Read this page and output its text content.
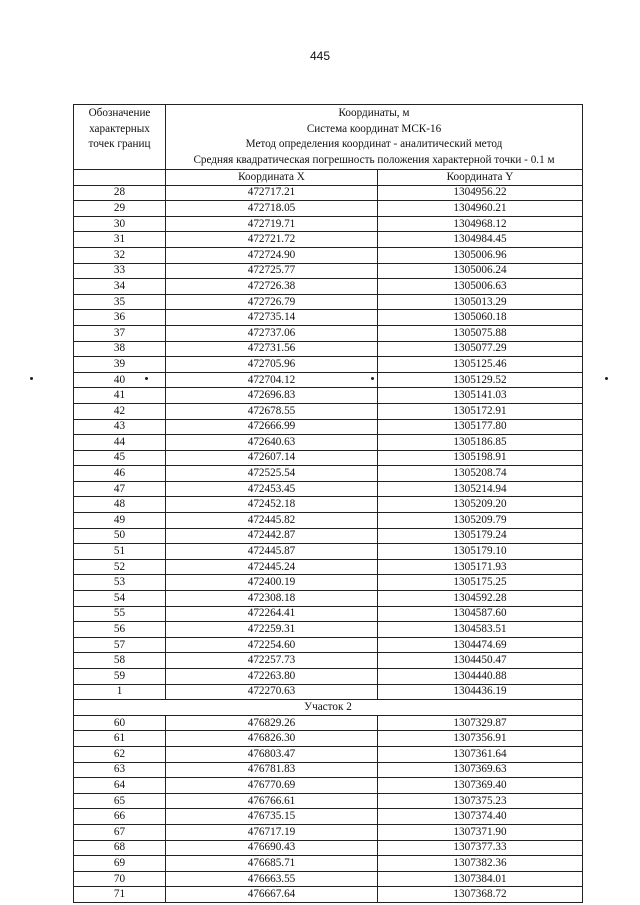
445
Обозначение
характерных
точек границ	Координаты, м
Система координат МСК-16
Метод определения координат - аналитический метод
Средняя квадратическая погрешность положения характерной точки - 0.1 м	

	Координата X	Координата Y
28	472717.21	1304956.22
29	472718.05	1304960.21
30	472719.71	1304968.12
31	472721.72	1304984.45
32	472724.90	1305006.96
33	472725.77	1305006.24
34	472726.38	1305006.63
35	472726.79	1305013.29
36	472735.14	1305060.18
37	472737.06	1305075.88
38	472731.56	1305077.29
39	472705.96	1305125.46
40	472704.12	1305129.52
41	472696.83	1305141.03
42	472678.55	1305172.91
43	472666.99	1305177.80
44	472640.63	1305186.85
45	472607.14	1305198.91
46	472525.54	1305208.74
47	472453.45	1305214.94
48	472452.18	1305209.20
49	472445.82	1305209.79
50	472442.87	1305179.24
51	472445.87	1305179.10
52	472445.24	1305171.93
53	472400.19	1305175.25
54	472308.18	1304592.28
55	472264.41	1304587.60
56	472259.31	1304583.51
57	472254.60	1304474.69
58	472257.73	1304450.47
59	472263.80	1304440.88
1	472270.63	1304436.19
Участок 2		
60	476829.26	1307329.87
61	476826.30	1307356.91
62	476803.47	1307361.64
63	476781.83	1307369.63
64	476770.69	1307369.40
65	476766.61	1307375.23
66	476735.15	1307374.40
67	476717.19	1307371.90
68	476690.43	1307377.33
69	476685.71	1307382.36
70	476663.55	1307384.01
71	476667.64	1307368.72
